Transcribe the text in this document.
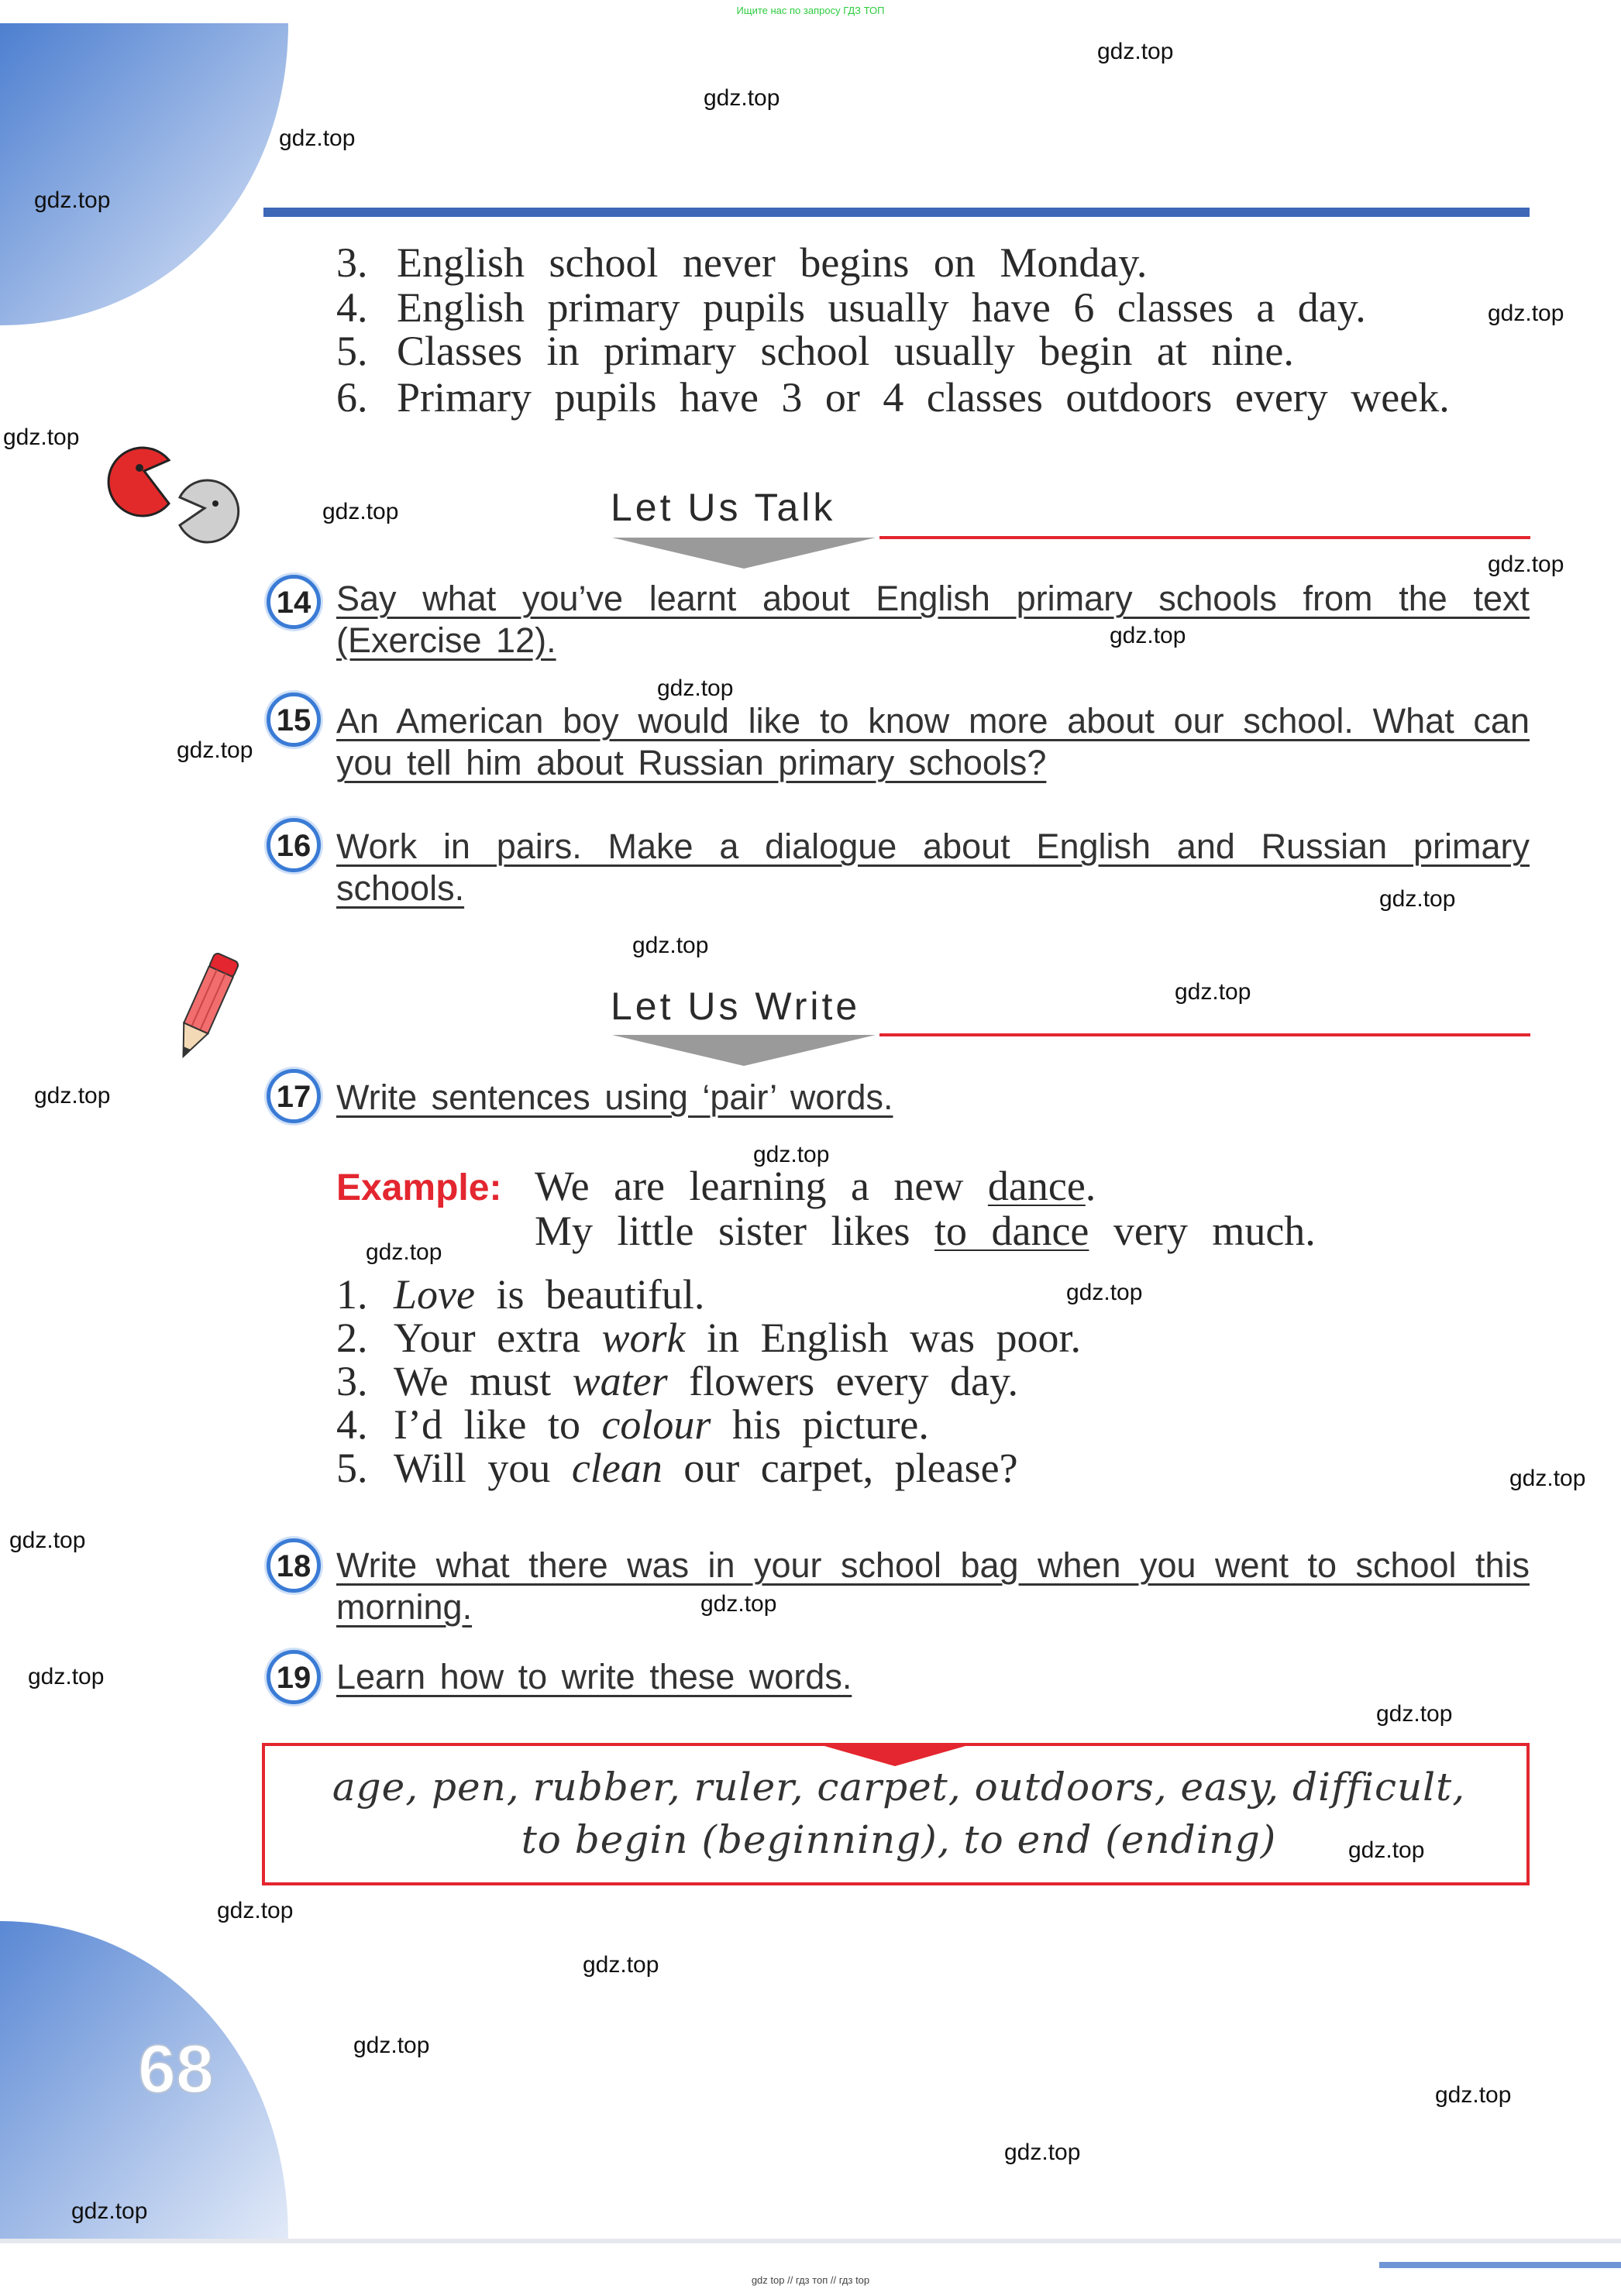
Ищите нас по запросу ГДЗ ТОП
gdz top // гдз топ // гдз top
3. English school never begins on Monday.
4. English primary pupils usually have 6 classes a day.
5. Classes in primary school usually begin at nine.
6. Primary pupils have 3 or 4 classes outdoors every week.
Let Us Talk
14 Say what you’ve learnt about English primary schools from the text (Exercise 12).
15 An American boy would like to know more about our school. What can you tell him about Russian primary schools?
16 Work in pairs. Make a dialogue about English and Russian primary schools.
Let Us Write
17 Write sentences using ‘pair’ words.
Example: We are learning a new dance.
My little sister likes to dance very much.
1. Love is beautiful.
2. Your extra work in English was poor.
3. We must water flowers every day.
4. I’d like to colour his picture.
5. Will you clean our carpet, please?
18 Write what there was in your school bag when you went to school this morning.
19 Learn how to write these words.
age, pen, rubber, ruler, carpet, outdoors, easy, difficult,
to begin (beginning), to end (ending)
68
gdz.top
gdz.top
gdz.top
gdz.top
gdz.top
gdz.top
gdz.top
gdz.top
gdz.top
gdz.top
gdz.top
gdz.top
gdz.top
gdz.top
gdz.top
gdz.top
gdz.top
gdz.top
gdz.top
gdz.top
gdz.top
gdz.top
gdz.top
gdz.top
gdz.top
gdz.top
gdz.top
gdz.top
gdz.top
gdz.top
